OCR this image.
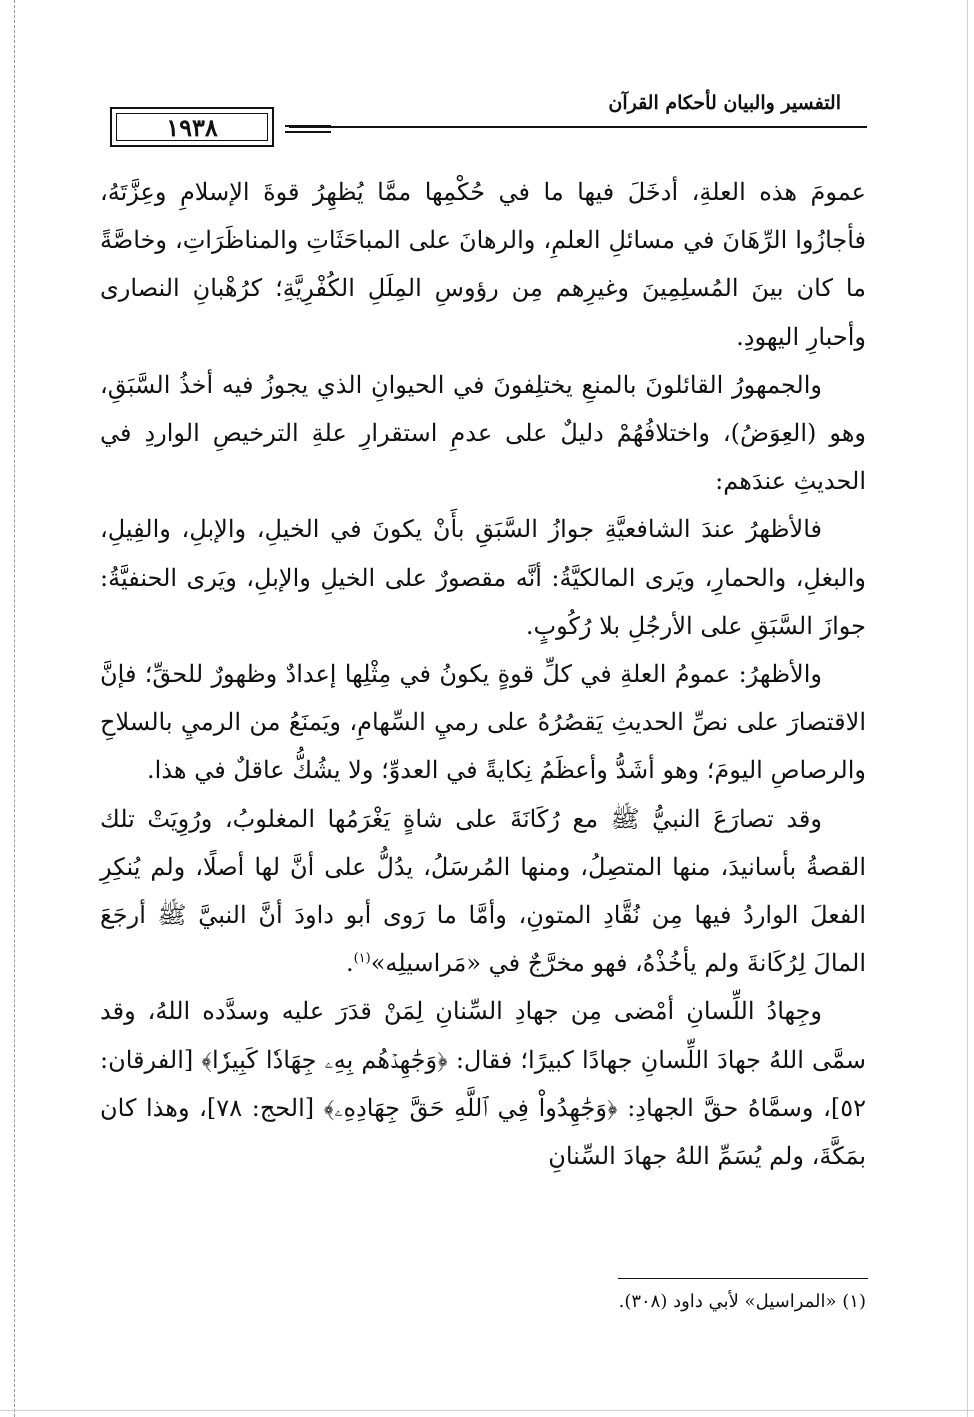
التفسير والبيان لأحكام القرآن
١٩٣٨

عمومَ هذه العلةِ، أدخَلَ فيها ما في حُكْمِها ممَّا يُظهِرُ قوةَ الإسلامِ وعِزَّتَهُ، فأجازُوا الرِّهَانَ في مسائلِ العلمِ، والرهانَ على المباحَثَاتِ والمناظَرَاتِ، وخاصَّةً ما كان بينَ المُسلِمِينَ وغيرِهم مِن رؤوسِ المِلَلِ الكُفْرِيَّةِ؛ كرُهْبانِ النصارى وأحبارِ اليهودِ.

والجمهورُ القائلونَ بالمنعِ يختلِفونَ في الحيوانِ الذي يجوزُ فيه أخذُ السَّبَقِ، وهو (العِوَضُ)، واختلافُهُمْ دليلٌ على عدمِ استقرارِ علةِ الترخيصِ الواردِ في الحديثِ عندَهم:

فالأظهرُ عندَ الشافعيَّةِ جوازُ السَّبَقِ بأَنْ يكونَ في الخيلِ، والإبلِ، والفِيلِ، والبغلِ، والحمارِ، ويَرى المالكيَّةُ: أنَّه مقصورٌ على الخيلِ والإبلِ، ويَرى الحنفيَّةُ: جوازَ السَّبَقِ على الأرجُلِ بلا رُكُوبٍ.

والأظهرُ: عمومُ العلةِ في كلِّ قوةٍ يكونُ في مِثْلِها إعدادٌ وظهورٌ للحقِّ؛ فإنَّ الاقتصارَ على نصِّ الحديثِ يَقصُرُهُ على رميِ السِّهامِ، ويَمنَعُ من الرميِ بالسلاحِ والرصاصِ اليومَ؛ وهو أشَدُّ وأعظَمُ نِكايةً في العدوِّ؛ ولا يشُكُّ عاقلٌ في هذا.

وقد تصارَعَ النبيُّ ﷺ مع رُكَانَةَ على شاةٍ يَغْرَمُها المغلوبُ، ورُوِيَتْ تلك القصةُ بأسانيدَ، منها المتصِلُ، ومنها المُرسَلُ، يدُلُّ على أنَّ لها أصلًا، ولم يُنكِرِ الفعلَ الواردُ فيها مِن نُقَّادِ المتونِ، وأمَّا ما رَوى أبو داودَ أنَّ النبيَّ ﷺ أرجَعَ المالَ لِرُكَانةَ ولم يأخُذْهُ، فهو مخرَّجٌ في «مَراسيلِه»$^{(١)}$.

وجِهادُ اللِّسانِ أمْضى مِن جهادِ السِّنانِ لِمَنْ قدَرَ عليه وسدَّده اللهُ، وقد سمَّى اللهُ جهادَ اللِّسانِ جهادًا كبيرًا؛ فقال: ﴿وَجَٰهِدۡهُم بِهِۦ جِهَادٗا كَبِيرٗا﴾ [الفرقان: ٥٢]، وسمَّاهُ حقَّ الجهادِ: ﴿وَجَٰهِدُواْ فِي ٱللَّهِ حَقَّ جِهَادِهِۦ﴾ [الحج: ٧٨]، وهذا كان بمَكَّةَ، ولم يُسَمِّ اللهُ جهادَ السِّنانِ

(١) «المراسيل» لأبي داود (٣٠٨).
